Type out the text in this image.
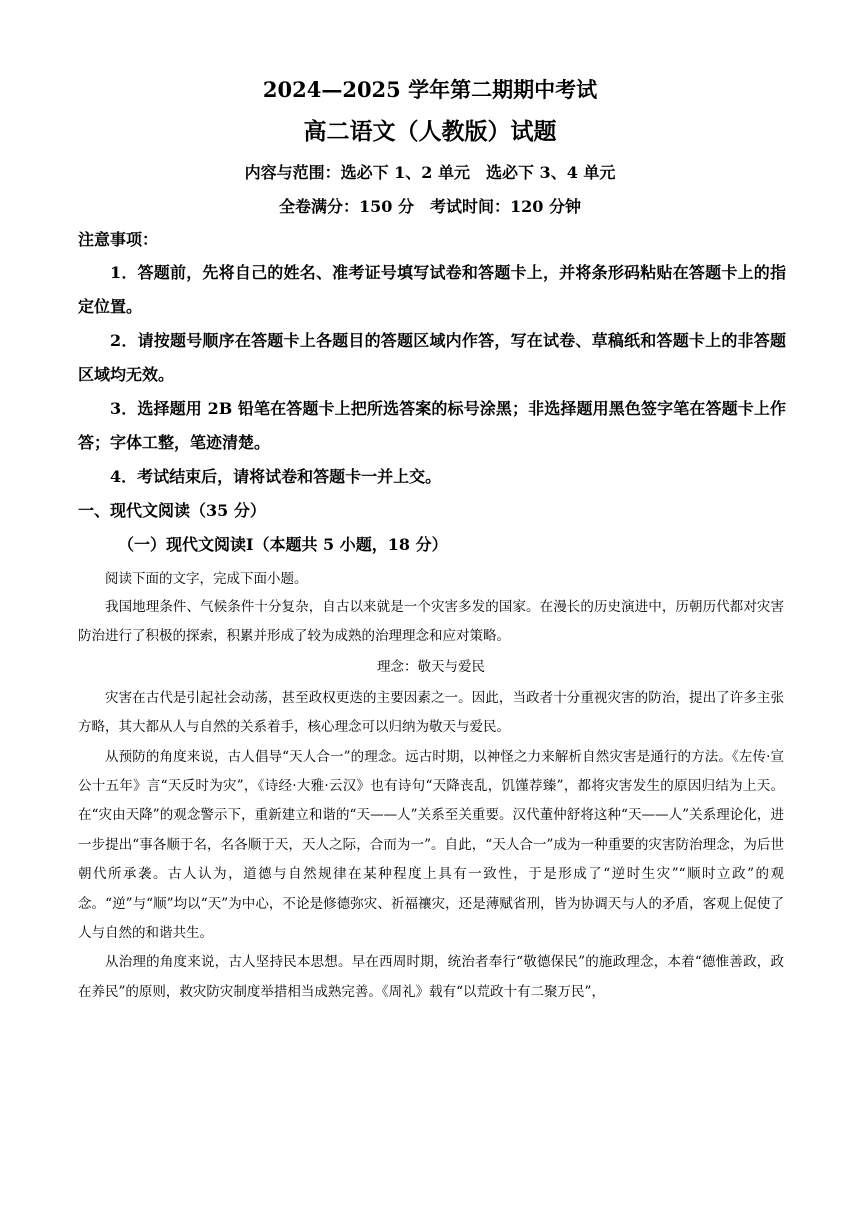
2024—2025 学年第二期期中考试
高二语文（人教版）试题
内容与范围：选必下 1、2 单元　选必下 3、4 单元
全卷满分：150 分　考试时间：120 分钟
注意事项：
1．答题前，先将自己的姓名、准考证号填写试卷和答题卡上，并将条形码粘贴在答题卡上的指定位置。
2．请按题号顺序在答题卡上各题目的答题区域内作答，写在试卷、草稿纸和答题卡上的非答题区域均无效。
3．选择题用 2B 铅笔在答题卡上把所选答案的标号涂黑；非选择题用黑色签字笔在答题卡上作答；字体工整，笔迹清楚。
4．考试结束后，请将试卷和答题卡一并上交。
一、现代文阅读（35 分）
（一）现代文阅读Ⅰ（本题共 5 小题，18 分）

阅读下面的文字，完成下面小题。

我国地理条件、气候条件十分复杂，自古以来就是一个灾害多发的国家。在漫长的历史演进中，历朝历代都对灾害防治进行了积极的探索，积累并形成了较为成熟的治理理念和应对策略。

理念：敬天与爱民

灾害在古代是引起社会动荡，甚至政权更迭的主要因素之一。因此，当政者十分重视灾害的防治，提出了许多主张方略，其大都从人与自然的关系着手，核心理念可以归纳为敬天与爱民。

从预防的角度来说，古人倡导“天人合一”的理念。远古时期，以神怪之力来解析自然灾害是通行的方法。《左传·宣公十五年》言“天反时为灾”，《诗经·大雅·云汉》也有诗句“天降丧乱，饥馑荐臻”，都将灾害发生的原因归结为上天。在“灾由天降”的观念警示下，重新建立和谐的“天——人”关系至关重要。汉代董仲舒将这种“天——人”关系理论化，进一步提出“事各顺于名，名各顺于天，天人之际，合而为一”。自此，“天人合一”成为一种重要的灾害防治理念，为后世朝代所承袭。古人认为，道德与自然规律在某种程度上具有一致性，于是形成了“逆时生灾”“顺时立政”的观念。“逆”与“顺”均以“天”为中心，不论是修德弥灾、祈福禳灾，还是薄赋省刑，皆为协调天与人的矛盾，客观上促使了人与自然的和谐共生。

从治理的角度来说，古人坚持民本思想。早在西周时期，统治者奉行“敬德保民”的施政理念，本着“德惟善政，政在养民”的原则，救灾防灾制度举措相当成熟完善。《周礼》载有“以荒政十有二聚万民”，
